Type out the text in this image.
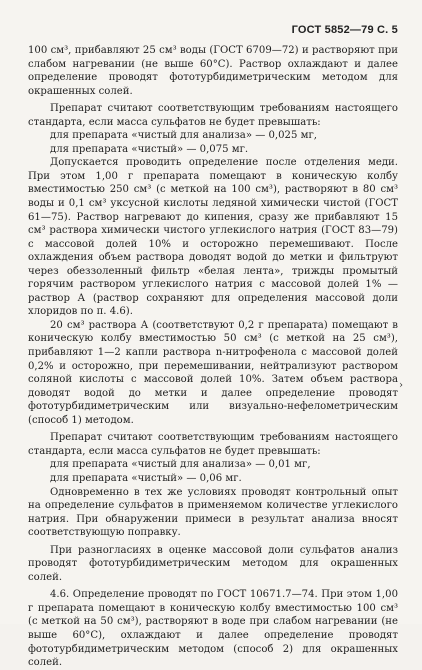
ГОСТ 5852—79 С. 5

100 см³, прибавляют 25 см³ воды (ГОСТ 6709—72) и растворяют при слабом нагревании (не выше 60°C). Раствор охлаждают и далее определение проводят фототурбидиметрическим методом для окрашенных солей.

Препарат считают соответствующим требованиям настоящего стандарта, если масса сульфатов не будет превышать:

для препарата «чистый для анализа» — 0,025 мг,

для препарата «чистый» — 0,075 мг.

Допускается проводить определение после отделения меди. При этом 1,00 г препарата помещают в коническую колбу вместимостью 250 см³ (с меткой на 100 см³), растворяют в 80 см³ воды и 0,1 см³ уксусной кислоты ледяной химически чистой (ГОСТ 61—75). Раствор нагревают до кипения, сразу же прибавляют 15 см³ раствора химически чистого углекислого натрия (ГОСТ 83—79) с массовой долей 10% и осторожно перемешивают. После охлаждения объем раствора доводят водой до метки и фильтруют через обеззоленный фильтр «белая лента», трижды промытый горячим раствором углекислого натрия с массовой долей 1% — раствор А (раствор сохраняют для определения массовой доли хлоридов по п. 4.6).

20 см³ раствора А (соответствуют 0,2 г препарата) помещают в коническую колбу вместимостью 50 см³ (с меткой на 25 см³), прибавляют 1—2 капли раствора n-нитрофенола с массовой долей 0,2% и осторожно, при перемешивании, нейтрализуют раствором соляной кислоты с массовой долей 10%. Затем объем раствора доводят водой до метки и далее определение проводят фототурбидиметрическим или визуально-нефелометрическим (способ 1) методом.

Препарат считают соответствующим требованиям настоящего стандарта, если масса сульфатов не будет превышать:

для препарата «чистый для анализа» — 0,01 мг,

для препарата «чистый» — 0,06 мг.

Одновременно в тех же условиях проводят контрольный опыт на определение сульфатов в применяемом количестве углекислого натрия. При обнаружении примеси в результат анализа вносят соответствующую поправку.

При разногласиях в оценке массовой доли сульфатов анализ проводят фототурбидиметрическим методом для окрашенных солей.

4.6. Определение проводят по ГОСТ 10671.7—74. При этом 1,00 г препарата помещают в коническую колбу вместимостью 100 см³ (с меткой на 50 см³), растворяют в воде при слабом нагревании (не выше 60°C), охлаждают и далее определение проводят фототурбидиметрическим методом (способ 2) для окрашенных солей.

›
